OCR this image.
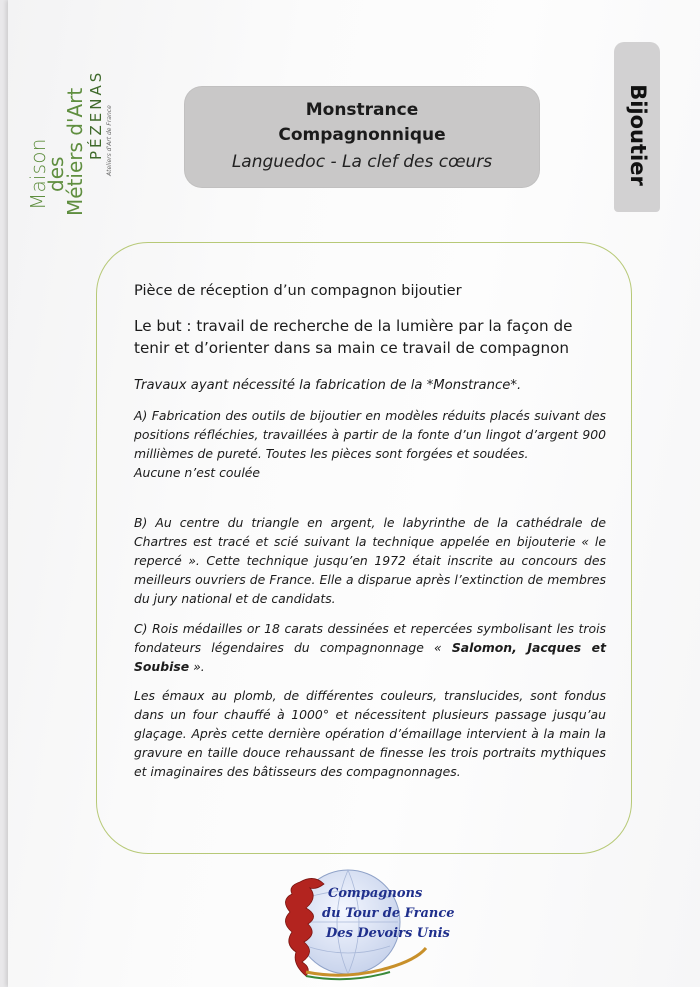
Maison
des
Métiers d'Art PÉZENAS Ateliers d'Art de France	Monstrance
Compagnonnique
Languedoc - La clef des cœurs	Bijoutier

Pièce de réception d’un compagnon bijoutier

Le but : travail de recherche de la lumière par la façon de tenir et d’orienter dans sa main ce travail de compagnon

Travaux ayant nécessité la fabrication de la *Monstrance*.

A) Fabrication des outils de bijoutier en modèles réduits placés suivant des positions réfléchies, travaillées à partir de la fonte d’un lingot d’argent 900 millièmes de pureté. Toutes les pièces sont forgées et soudées.
Aucune n’est coulée

B) Au centre du triangle en argent, le labyrinthe de la cathédrale de Chartres est tracé et scié suivant la technique appelée en bijouterie « le repercé ». Cette technique jusqu’en 1972 était inscrite au concours des meilleurs ouvriers de France. Elle a disparue après l’extinction de membres du jury national et de candidats.

C) Rois médailles or 18 carats dessinées et repercées symbolisant les trois fondateurs légendaires du compagnonnage « Salomon, Jacques et Soubise ».

Les émaux au plomb, de différentes couleurs, translucides, sont fondus dans un four chauffé à 1000° et nécessitent plusieurs passage jusqu’au glaçage. Après cette dernière opération d’émaillage intervient à la main la gravure en taille douce rehaussant de finesse les trois portraits mythiques et imaginaires des bâtisseurs des compagnonnages.

Compagnons
du Tour de France
Des Devoirs Unis
